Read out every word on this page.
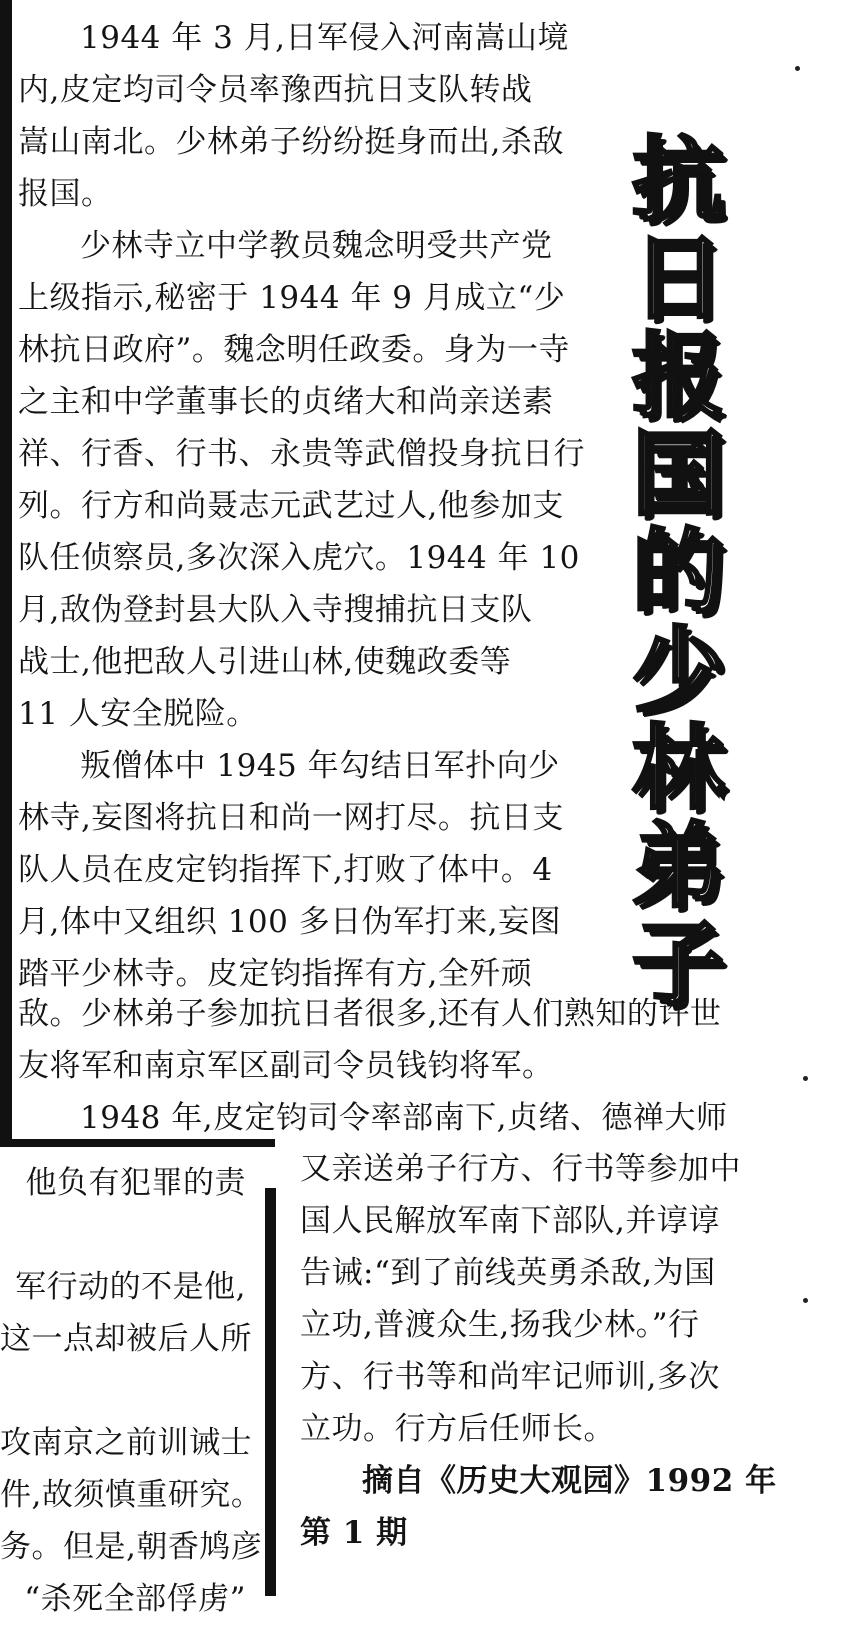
1944 年 3 月,日军侵入河南嵩山境
内,皮定均司令员率豫西抗日支队转战
嵩山南北。少林弟子纷纷挺身而出,杀敌
报国。
少林寺立中学教员魏念明受共产党
上级指示,秘密于 1944 年 9 月成立“少
林抗日政府”。魏念明任政委。身为一寺
之主和中学董事长的贞绪大和尚亲送素
祥、行香、行书、永贵等武僧投身抗日行
列。行方和尚聂志元武艺过人,他参加支
队任侦察员,多次深入虎穴。1944 年 10
月,敌伪登封县大队入寺搜捕抗日支队
战士,他把敌人引进山林,使魏政委等
11 人安全脱险。
叛僧体中 1945 年勾结日军扑向少
林寺,妄图将抗日和尚一网打尽。抗日支
队人员在皮定钧指挥下,打败了体中。4
月,体中又组织 100 多日伪军打来,妄图
踏平少林寺。皮定钧指挥有方,全歼顽
抗
日
报
国
的
少
林
弟
子
敌。少林弟子参加抗日者很多,还有人们熟知的许世
友将军和南京军区副司令员钱钧将军。
1948 年,皮定钧司令率部南下,贞绪、德禅大师
又亲送弟子行方、行书等参加中
国人民解放军南下部队,并谆谆
告诫:“到了前线英勇杀敌,为国
立功,普渡众生,扬我少林。”行
方、行书等和尚牢记师训,多次
立功。行方后任师长。
摘自《历史大观园》1992 年
第 1 期
他负有犯罪的责
军行动的不是他,
这一点却被后人所
攻南京之前训诫士
件,故须慎重研究。
务。但是,朝香鸠彦
“杀死全部俘虏”
